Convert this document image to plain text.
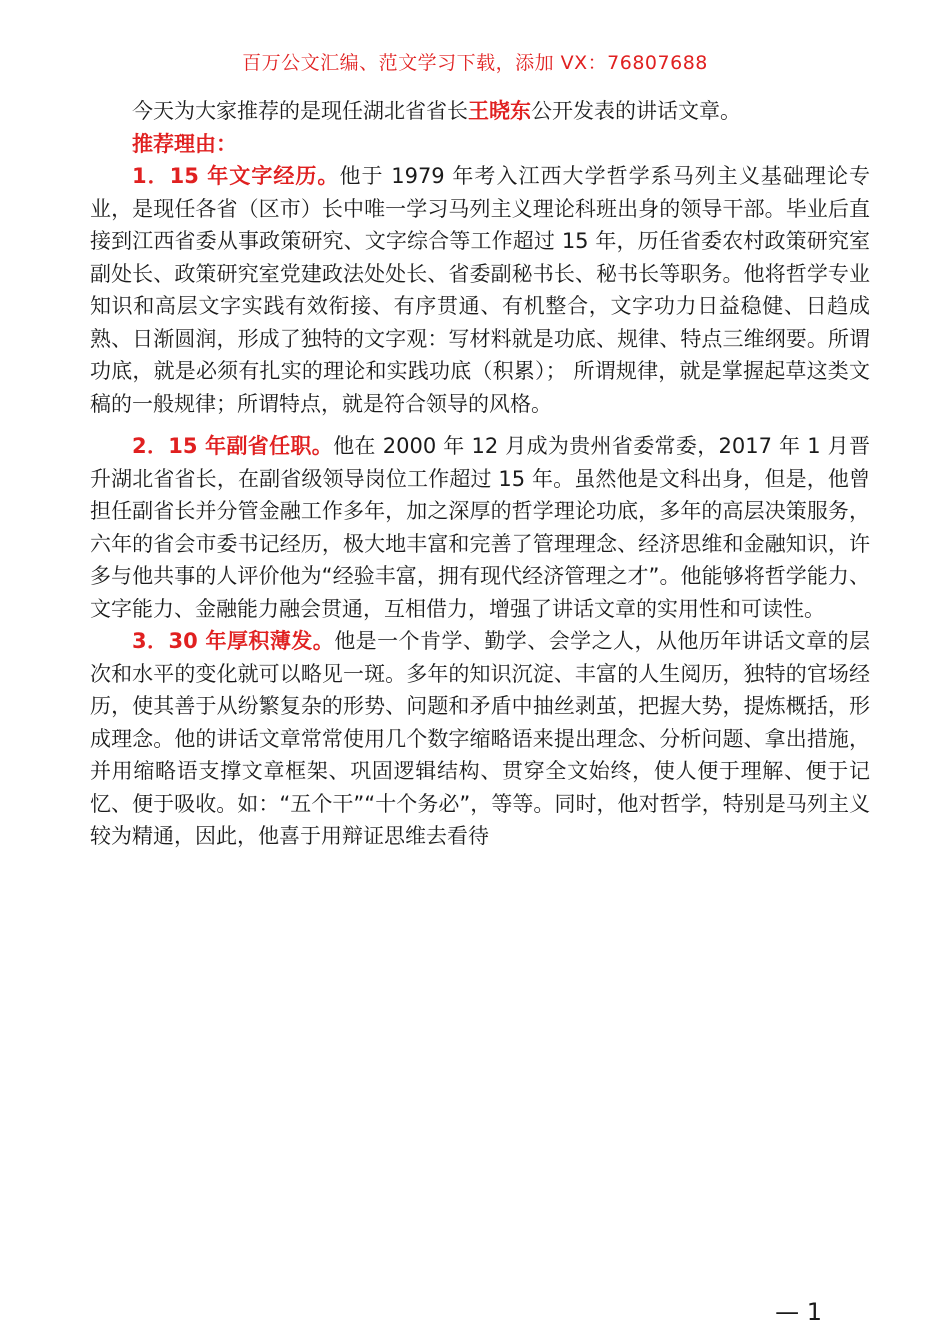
百万公文汇编、范文学习下载，添加 VX：76807688

今天为大家推荐的是现任湖北省省长王晓东公开发表的讲话文章。

推荐理由：

1．15 年文字经历。他于 1979 年考入江西大学哲学系马列主义基础理论专业，是现任各省（区市）长中唯一学习马列主义理论科班出身的领导干部。毕业后直接到江西省委从事政策研究、文字综合等工作超过 15 年，历任省委农村政策研究室副处长、政策研究室党建政法处处长、省委副秘书长、秘书长等职务。他将哲学专业知识和高层文字实践有效衔接、有序贯通、有机整合，文字功力日益稳健、日趋成熟、日渐圆润，形成了独特的文字观：写材料就是功底、规律、特点三维纲要。所谓功底，就是必须有扎实的理论和实践功底（积累）； 所谓规律，就是掌握起草这类文稿的一般规律；所谓特点，就是符合领导的风格。

2．15 年副省任职。他在 2000 年 12 月成为贵州省委常委，2017 年 1 月晋升湖北省省长，在副省级领导岗位工作超过 15 年。虽然他是文科出身，但是，他曾担任副省长并分管金融工作多年，加之深厚的哲学理论功底，多年的高层决策服务，六年的省会市委书记经历，极大地丰富和完善了管理理念、经济思维和金融知识，许多与他共事的人评价他为“经验丰富，拥有现代经济管理之才”。他能够将哲学能力、文字能力、金融能力融会贯通，互相借力，增强了讲话文章的实用性和可读性。

3．30 年厚积薄发。他是一个肯学、勤学、会学之人，从他历年讲话文章的层次和水平的变化就可以略见一斑。多年的知识沉淀、丰富的人生阅历，独特的官场经历，使其善于从纷繁复杂的形势、问题和矛盾中抽丝剥茧，把握大势，提炼概括，形成理念。他的讲话文章常常使用几个数字缩略语来提出理念、分析问题、拿出措施，并用缩略语支撑文章框架、巩固逻辑结构、贯穿全文始终，使人便于理解、便于记忆、便于吸收。如：“五个干”“十个务必”，等等。同时，他对哲学，特别是马列主义较为精通，因此，他喜于用辩证思维去看待

— 1
